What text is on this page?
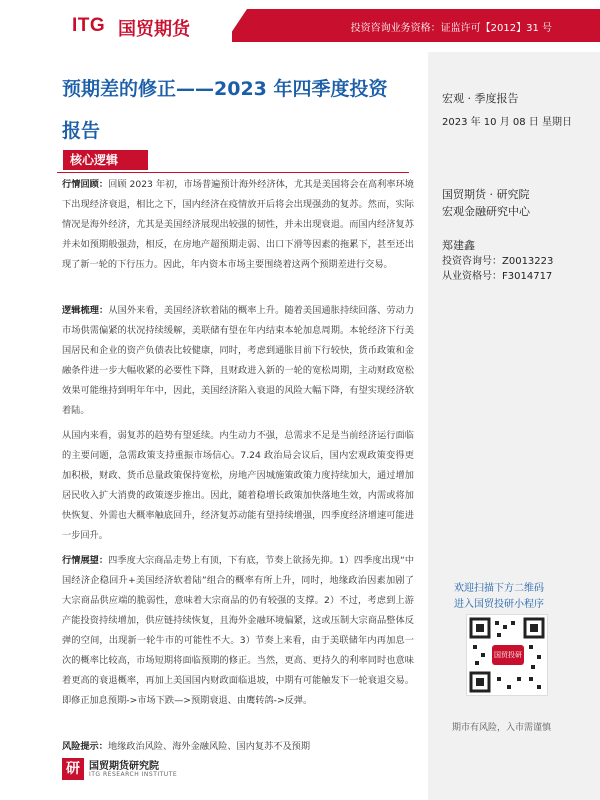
ITG 国贸期货	投资咨询业务资格：证监许可【2012】31 号
宏观 · 季度报告
2023 年 10 月 08 日 星期日
国贸期货 · 研究院
宏观金融研究中心
郑建鑫
投资咨询号：Z0013223
从业资格号：F3014717
欢迎扫描下方二维码
进入国贸投研小程序
国贸投研
期市有风险，入市需谨慎
预期差的修正——2023 年四季度投资报告
核心逻辑
行情回顾：回顾 2023 年初，市场普遍预计海外经济体，尤其是美国将会在高利率环境下出现经济衰退，相比之下，国内经济在疫情放开后将会出现强劲的复苏。然而，实际情况是海外经济，尤其是美国经济展现出较强的韧性，并未出现衰退。而国内经济复苏并未如预期般强劲，相反，在房地产超预期走弱、出口下滑等因素的拖累下，甚至还出现了新一轮的下行压力。因此，年内资本市场主要围绕着这两个预期差进行交易。
逻辑梳理：从国外来看，美国经济软着陆的概率上升。随着美国通胀持续回落、劳动力市场供需偏紧的状况持续缓解，美联储有望在年内结束本轮加息周期。本轮经济下行美国居民和企业的资产负债表比较健康，同时，考虑到通胀目前下行较快，货币政策和金融条件进一步大幅收紧的必要性下降，且财政进入新的一轮的宽松周期，主动财政宽松效果可能维持到明年年中，因此，美国经济陷入衰退的风险大幅下降，有望实现经济软着陆。
从国内来看，弱复苏的趋势有望延续。内生动力不强，总需求不足是当前经济运行面临的主要问题，急需政策支持重振市场信心。7.24 政治局会议后，国内宏观政策变得更加积极，财政、货币总量政策保持宽松，房地产因城施策政策力度持续加大，通过增加居民收入扩大消费的政策逐步推出。因此，随着稳增长政策加快落地生效，内需或将加快恢复、外需也大概率触底回升，经济复苏动能有望持续增强，四季度经济增速可能进一步回升。
行情展望：四季度大宗商品走势上有顶，下有底，节奏上欲扬先抑。1）四季度出现“中国经济企稳回升+美国经济软着陆”组合的概率有所上升，同时，地缘政治因素加剧了大宗商品供应端的脆弱性，意味着大宗商品的仍有较强的支撑。2）不过，考虑到上游产能投资持续增加，供应链持续恢复，且海外金融环境偏紧，这或压制大宗商品整体反弹的空间，出现新一轮牛市的可能性不大。3）节奏上来看，由于美联储年内再加息一次的概率比较高，市场短期将面临预期的修正。当然，更高、更持久的利率同时也意味着更高的衰退概率，再加上美国国内财政面临退坡，中期有可能触发下一轮衰退交易。即修正加息预期->市场下跌—>预期衰退、由鹰转鸽->反弹。
风险提示：地缘政治风险、海外金融风险、国内复苏不及预期
研 国贸期货研究院
ITG RESEARCH INSTITUTE
